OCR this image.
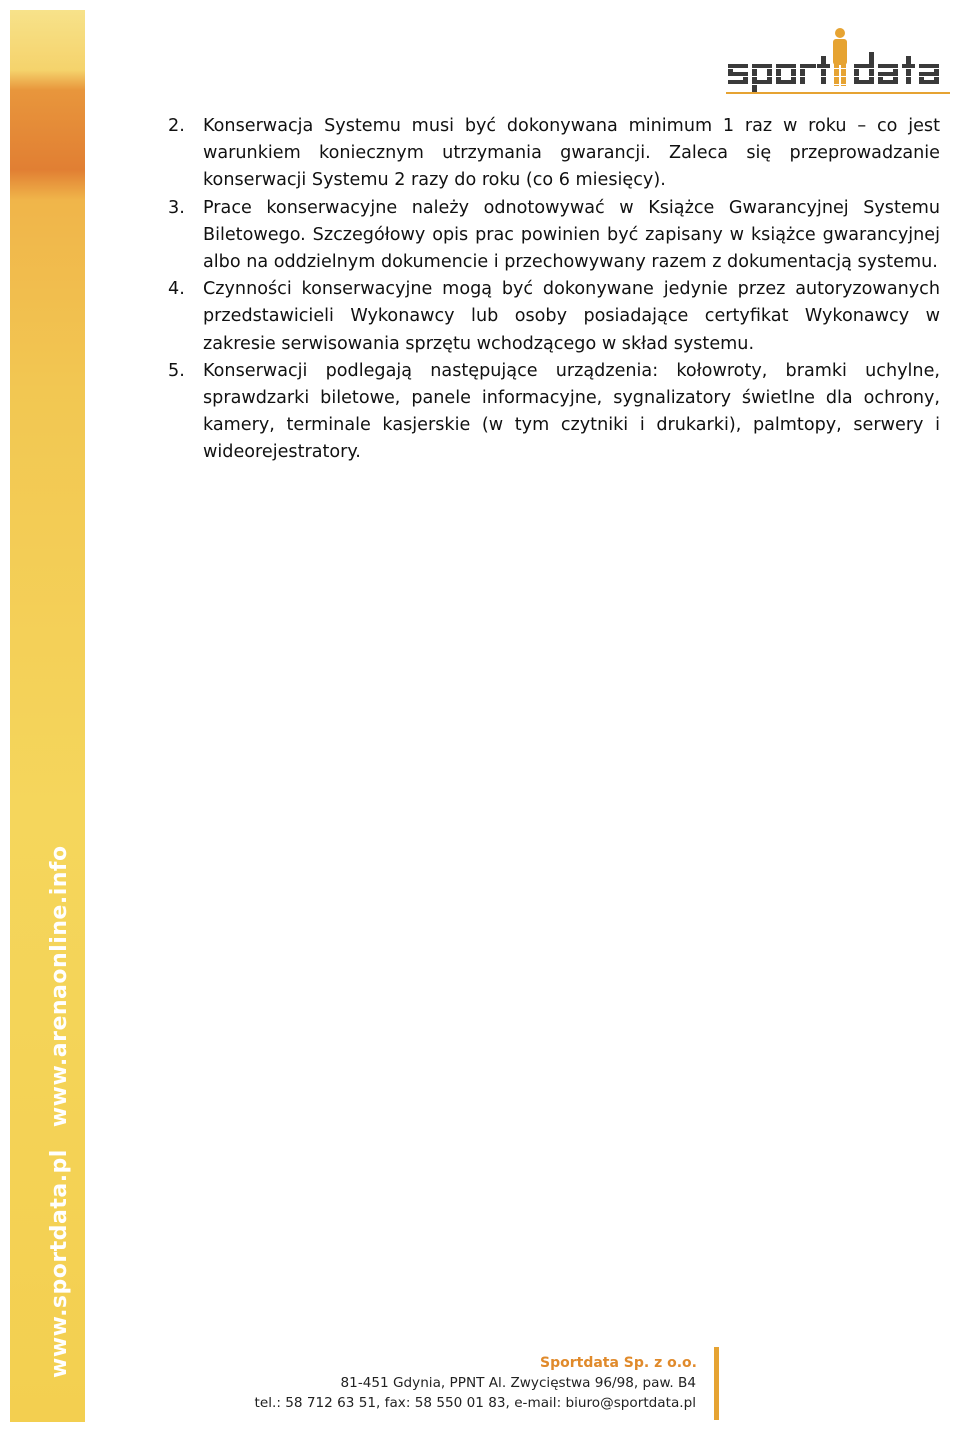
www.sportdata.plwww.arenaonline.info
2.	Konserwacja Systemu musi być dokonywana minimum 1 raz w roku – co jest warunkiem koniecznym utrzymania gwarancji. Zaleca się przeprowadzanie konserwacji Systemu 2 razy do roku (co 6 miesięcy).
3.	Prace konserwacyjne należy odnotowywać w Książce Gwarancyjnej Systemu Biletowego. Szczegółowy opis prac powinien być zapisany w książce gwarancyjnej albo na oddzielnym dokumencie i przechowywany razem z dokumentacją systemu.
4.	Czynności konserwacyjne mogą być dokonywane jedynie przez autoryzowanych przedstawicieli Wykonawcy lub osoby posiadające certyfikat Wykonawcy w zakresie serwisowania sprzętu wchodzącego w skład systemu.
5.	Konserwacji podlegają następujące urządzenia: kołowroty, bramki uchylne, sprawdzarki biletowe, panele informacyjne, sygnalizatory świetlne dla ochrony, kamery, terminale kasjerskie (w tym czytniki i drukarki), palmtopy, serwery i wideorejestratory.
Sportdata Sp. z o.o.
81-451 Gdynia, PPNT Al. Zwycięstwa 96/98, paw. B4
tel.: 58 712 63 51, fax: 58 550 01 83, e-mail: biuro@sportdata.pl
